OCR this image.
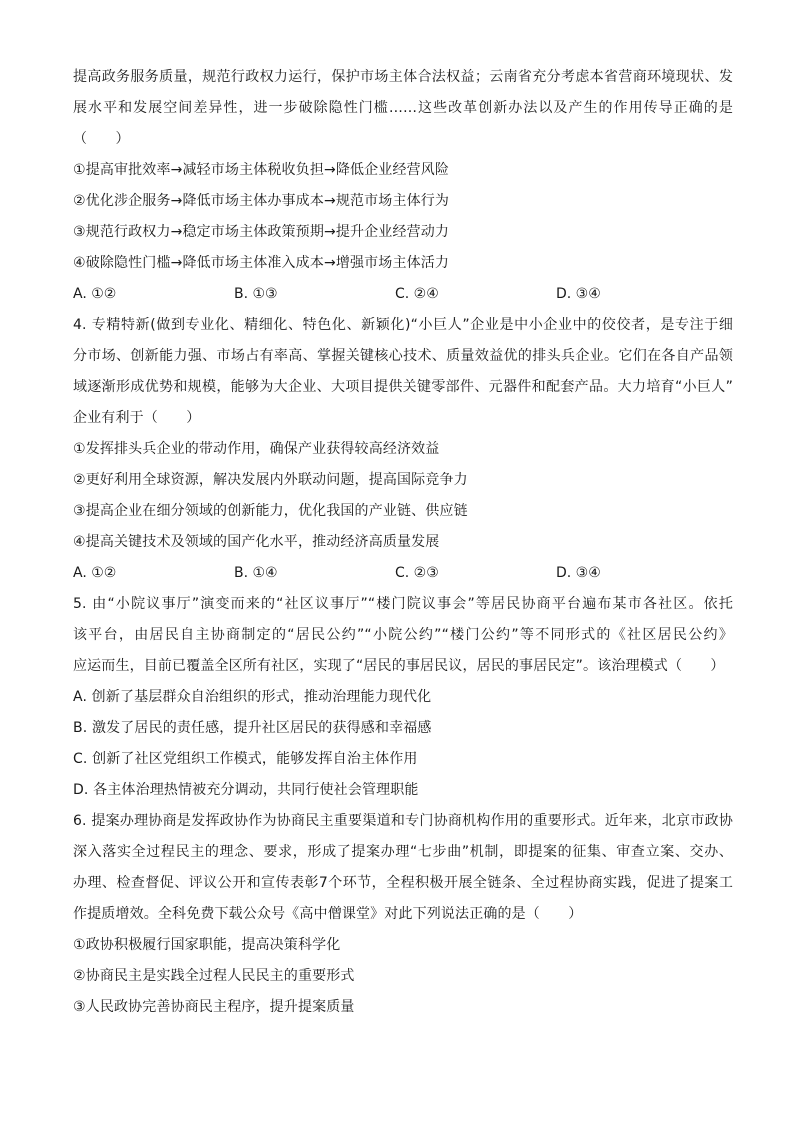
提高政务服务质量，规范行政权力运行，保护市场主体合法权益；云南省充分考虑本省营商环境现状、发
展水平和发展空间差异性，进一步破除隐性门槛……这些改革创新办法以及产生的作用传导正确的是
（　　）
①提高审批效率→减轻市场主体税收负担→降低企业经营风险
②优化涉企服务→降低市场主体办事成本→规范市场主体行为
③规范行政权力→稳定市场主体政策预期→提升企业经营动力
④破除隐性门槛→降低市场主体准入成本→增强市场主体活力
A. ①②	B. ①③	C. ②④	D. ③④
4. 专精特新(做到专业化、精细化、特色化、新颖化)“小巨人”企业是中小企业中的佼佼者，是专注于细
分市场、创新能力强、市场占有率高、掌握关键核心技术、质量效益优的排头兵企业。它们在各自产品领
域逐渐形成优势和规模，能够为大企业、大项目提供关键零部件、元器件和配套产品。大力培育“小巨人”
企业有利于（　　）
①发挥排头兵企业的带动作用，确保产业获得较高经济效益
②更好利用全球资源，解决发展内外联动问题，提高国际竞争力
③提高企业在细分领域的创新能力，优化我国的产业链、供应链
④提高关键技术及领域的国产化水平，推动经济高质量发展
A. ①②	B. ①④	C. ②③	D. ③④
5. 由“小院议事厅”演变而来的“社区议事厅”“楼门院议事会”等居民协商平台遍布某市各社区。依托
该平台，由居民自主协商制定的“居民公约”“小院公约”“楼门公约”等不同形式的《社区居民公约》
应运而生，目前已覆盖全区所有社区，实现了“居民的事居民议，居民的事居民定”。该治理模式（　　）
A. 创新了基层群众自治组织的形式，推动治理能力现代化
B. 激发了居民的责任感，提升社区居民的获得感和幸福感
C. 创新了社区党组织工作模式，能够发挥自治主体作用
D. 各主体治理热情被充分调动，共同行使社会管理职能
6. 提案办理协商是发挥政协作为协商民主重要渠道和专门协商机构作用的重要形式。近年来，北京市政协
深入落实全过程民主的理念、要求，形成了提案办理“七步曲”机制，即提案的征集、审查立案、交办、
办理、检查督促、评议公开和宣传表彰7个环节，全程积极开展全链条、全过程协商实践，促进了提案工
作提质增效。全科免费下载公众号《高中僧课堂》对此下列说法正确的是（　　）
①政协积极履行国家职能，提高决策科学化
②协商民主是实践全过程人民民主的重要形式
③人民政协完善协商民主程序，提升提案质量
